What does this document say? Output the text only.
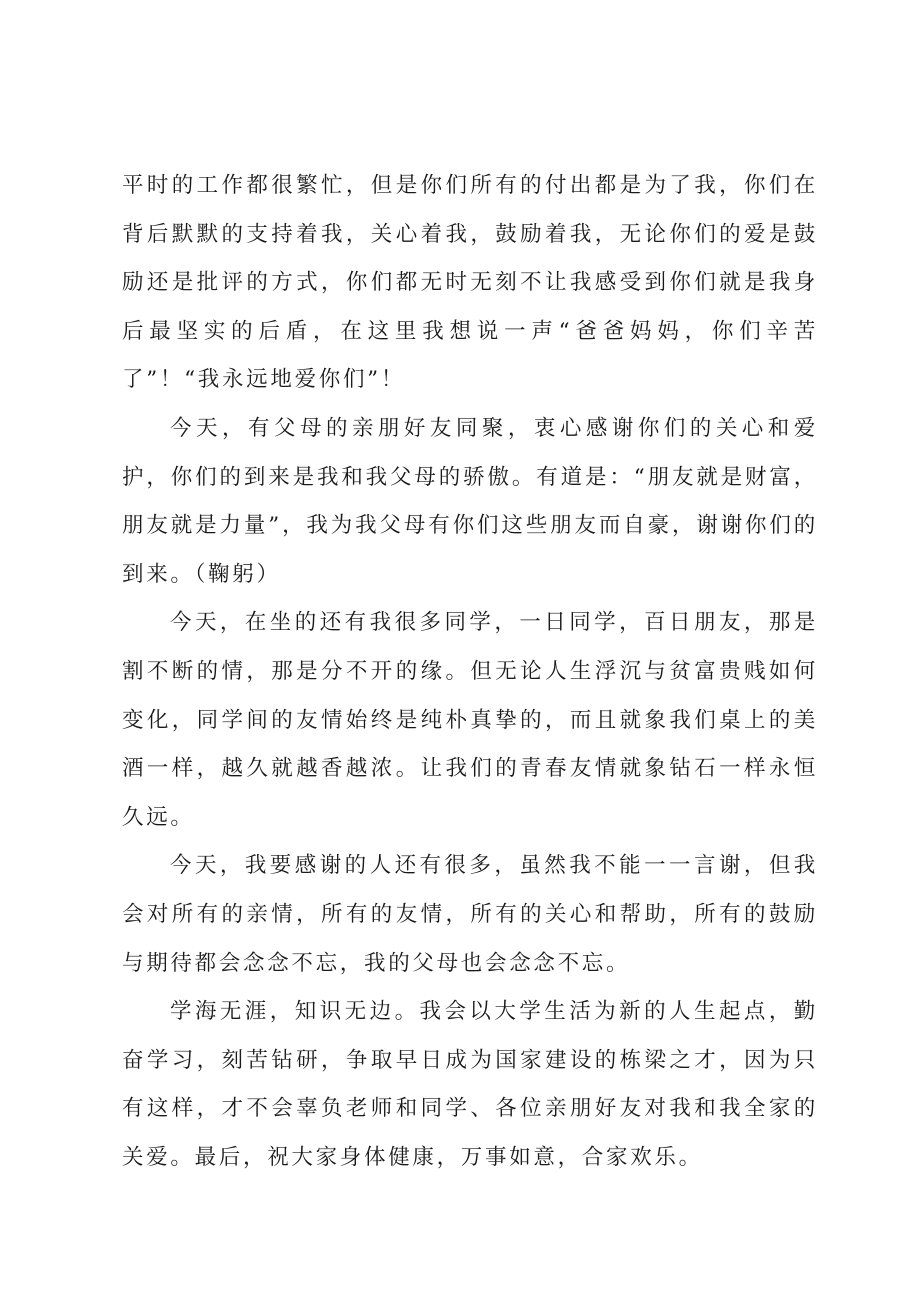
平时的工作都很繁忙，但是你们所有的付出都是为了我，你们在背后默默的支持着我，关心着我，鼓励着我，无论你们的爱是鼓励还是批评的方式，你们都无时无刻不让我感受到你们就是我身后最坚实的后盾，在这里我想说一声“爸爸妈妈，你们辛苦了”！“我永远地爱你们”！

今天，有父母的亲朋好友同聚，衷心感谢你们的关心和爱护，你们的到来是我和我父母的骄傲。有道是：“朋友就是财富，朋友就是力量”，我为我父母有你们这些朋友而自豪，谢谢你们的到来。（鞠躬）

今天，在坐的还有我很多同学，一日同学，百日朋友，那是割不断的情，那是分不开的缘。但无论人生浮沉与贫富贵贱如何变化，同学间的友情始终是纯朴真挚的，而且就象我们桌上的美酒一样，越久就越香越浓。让我们的青春友情就象钻石一样永恒久远。

今天，我要感谢的人还有很多，虽然我不能一一言谢，但我会对所有的亲情，所有的友情，所有的关心和帮助，所有的鼓励与期待都会念念不忘，我的父母也会念念不忘。

学海无涯，知识无边。我会以大学生活为新的人生起点，勤奋学习，刻苦钻研，争取早日成为国家建设的栋梁之才，因为只有这样，才不会辜负老师和同学、各位亲朋好友对我和我全家的关爱。最后，祝大家身体健康，万事如意，合家欢乐。
